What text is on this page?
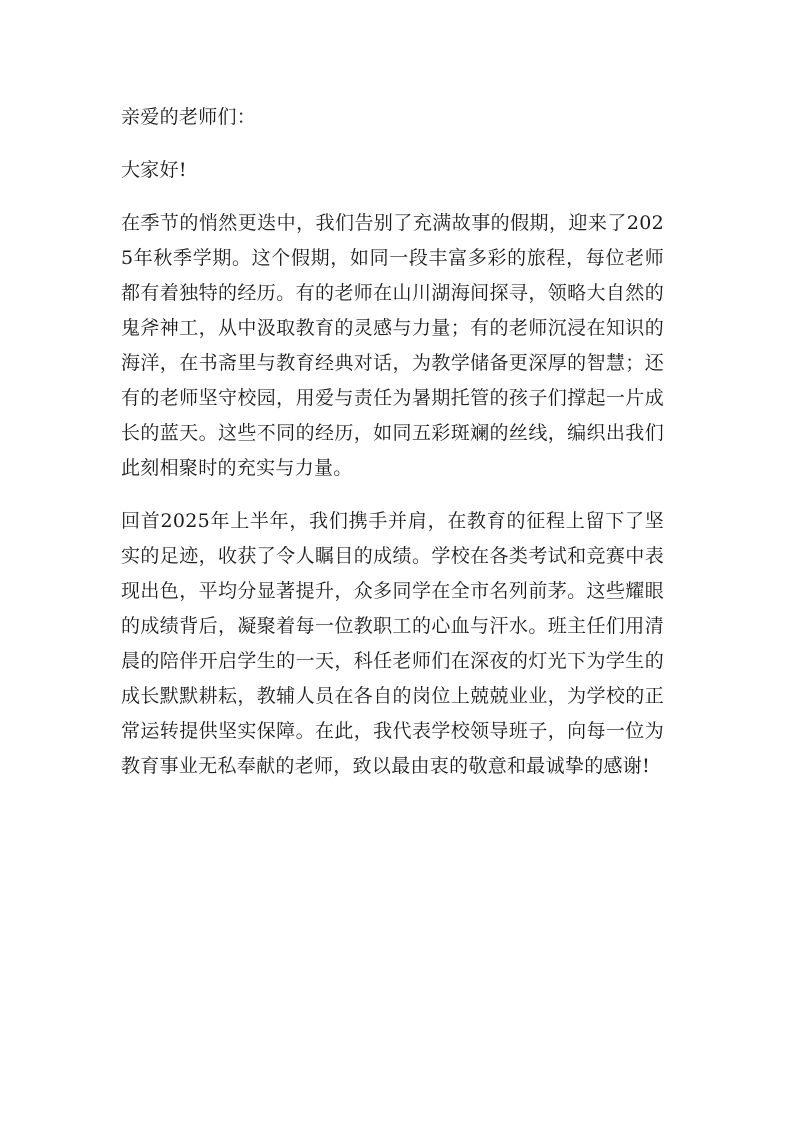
亲爱的老师们：

大家好!

在季节的悄然更迭中，我们告别了充满故事的假期，迎来了2025年秋季学期。这个假期，如同一段丰富多彩的旅程，每位老师都有着独特的经历。有的老师在山川湖海间探寻，领略大自然的鬼斧神工，从中汲取教育的灵感与力量；有的老师沉浸在知识的海洋，在书斋里与教育经典对话，为教学储备更深厚的智慧；还有的老师坚守校园，用爱与责任为暑期托管的孩子们撑起一片成长的蓝天。这些不同的经历，如同五彩斑斓的丝线，编织出我们此刻相聚时的充实与力量。

回首2025年上半年，我们携手并肩，在教育的征程上留下了坚实的足迹，收获了令人瞩目的成绩。学校在各类考试和竞赛中表现出色，平均分显著提升，众多同学在全市名列前茅。这些耀眼的成绩背后，凝聚着每一位教职工的心血与汗水。班主任们用清晨的陪伴开启学生的一天，科任老师们在深夜的灯光下为学生的成长默默耕耘，教辅人员在各自的岗位上兢兢业业，为学校的正常运转提供坚实保障。在此，我代表学校领导班子，向每一位为教育事业无私奉献的老师，致以最由衷的敬意和最诚挚的感谢!
